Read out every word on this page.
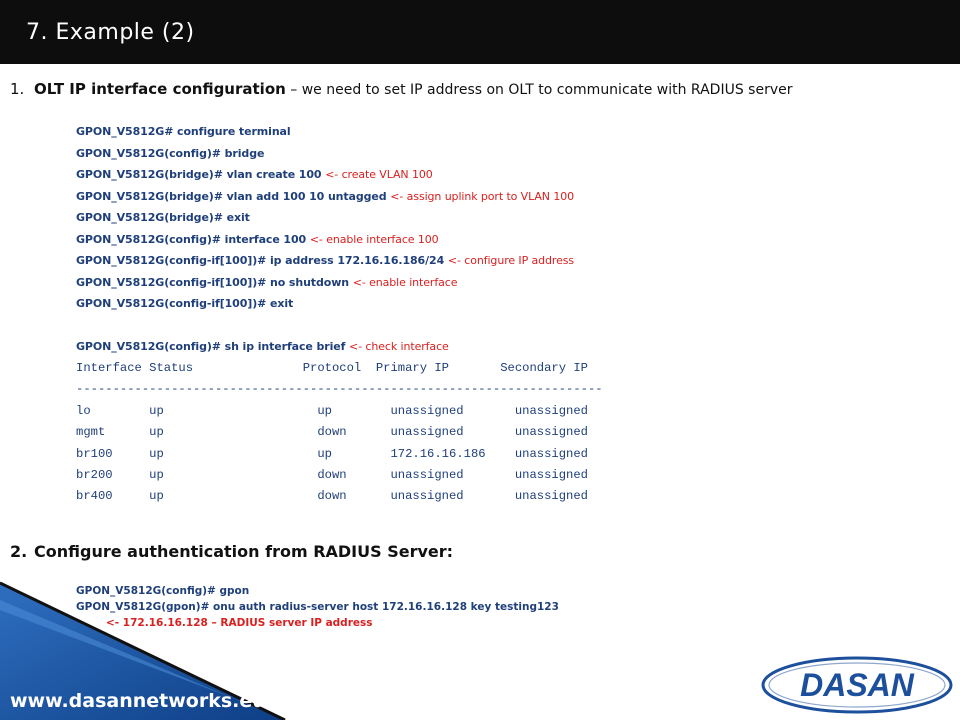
7. Example (2)
1. OLT IP interface configuration – we need to set IP address on OLT to communicate with RADIUS server
GPON_V5812G# configure terminal
GPON_V5812G(config)# bridge
GPON_V5812G(bridge)# vlan create 100 <- create VLAN 100
GPON_V5812G(bridge)# vlan add 100 10 untagged <- assign uplink port to VLAN 100
GPON_V5812G(bridge)# exit
GPON_V5812G(config)# interface 100 <- enable interface 100
GPON_V5812G(config-if[100])# ip address 172.16.16.186/24 <- configure IP address
GPON_V5812G(config-if[100])# no shutdown <- enable interface
GPON_V5812G(config-if[100])# exit
GPON_V5812G(config)# sh ip interface brief <- check interface
Interface Status               Protocol  Primary IP       Secondary IP
------------------------------------------------------------------------
lo        up                     up        unassigned       unassigned
mgmt      up                     down      unassigned       unassigned
br100     up                     up        172.16.16.186    unassigned
br200     up                     down      unassigned       unassigned
br400     up                     down      unassigned       unassigned
2. Configure authentication from RADIUS Server:
GPON_V5812G(config)# gpon
GPON_V5812G(gpon)# onu auth radius-server host 172.16.16.128 key testing123
<- 172.16.16.128 – RADIUS server IP address
www.dasannetworks.eu	DASAN
